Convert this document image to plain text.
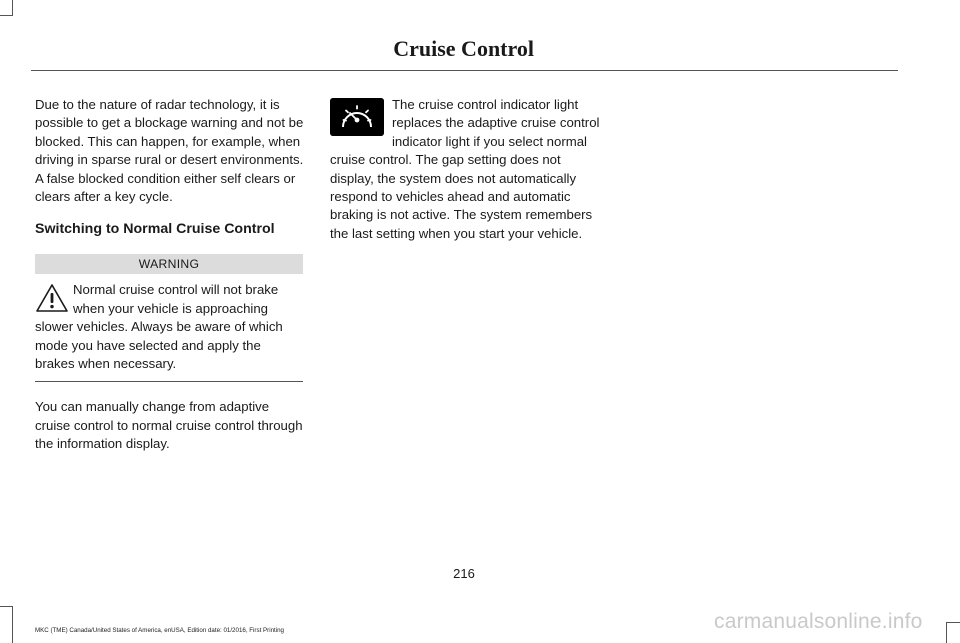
Cruise Control

Due to the nature of radar technology, it is possible to get a blockage warning and not be blocked. This can happen, for example, when driving in sparse rural or desert environments. A false blocked condition either self clears or clears after a key cycle.

Switching to Normal Cruise Control
WARNING

Normal cruise control will not brake when your vehicle is approaching slower vehicles. Always be aware of which mode you have selected and apply the brakes when necessary.

You can manually change from adaptive cruise control to normal cruise control through the information display.

The cruise control indicator light replaces the adaptive cruise control indicator light if you select normal cruise control. The gap setting does not display, the system does not automatically respond to vehicles ahead and automatic braking is not active. The system remembers the last setting when you start your vehicle.

216
MKC (TME) Canada/United States of America, enUSA, Edition date: 01/2016, First Printing	carmanualsonline.info
